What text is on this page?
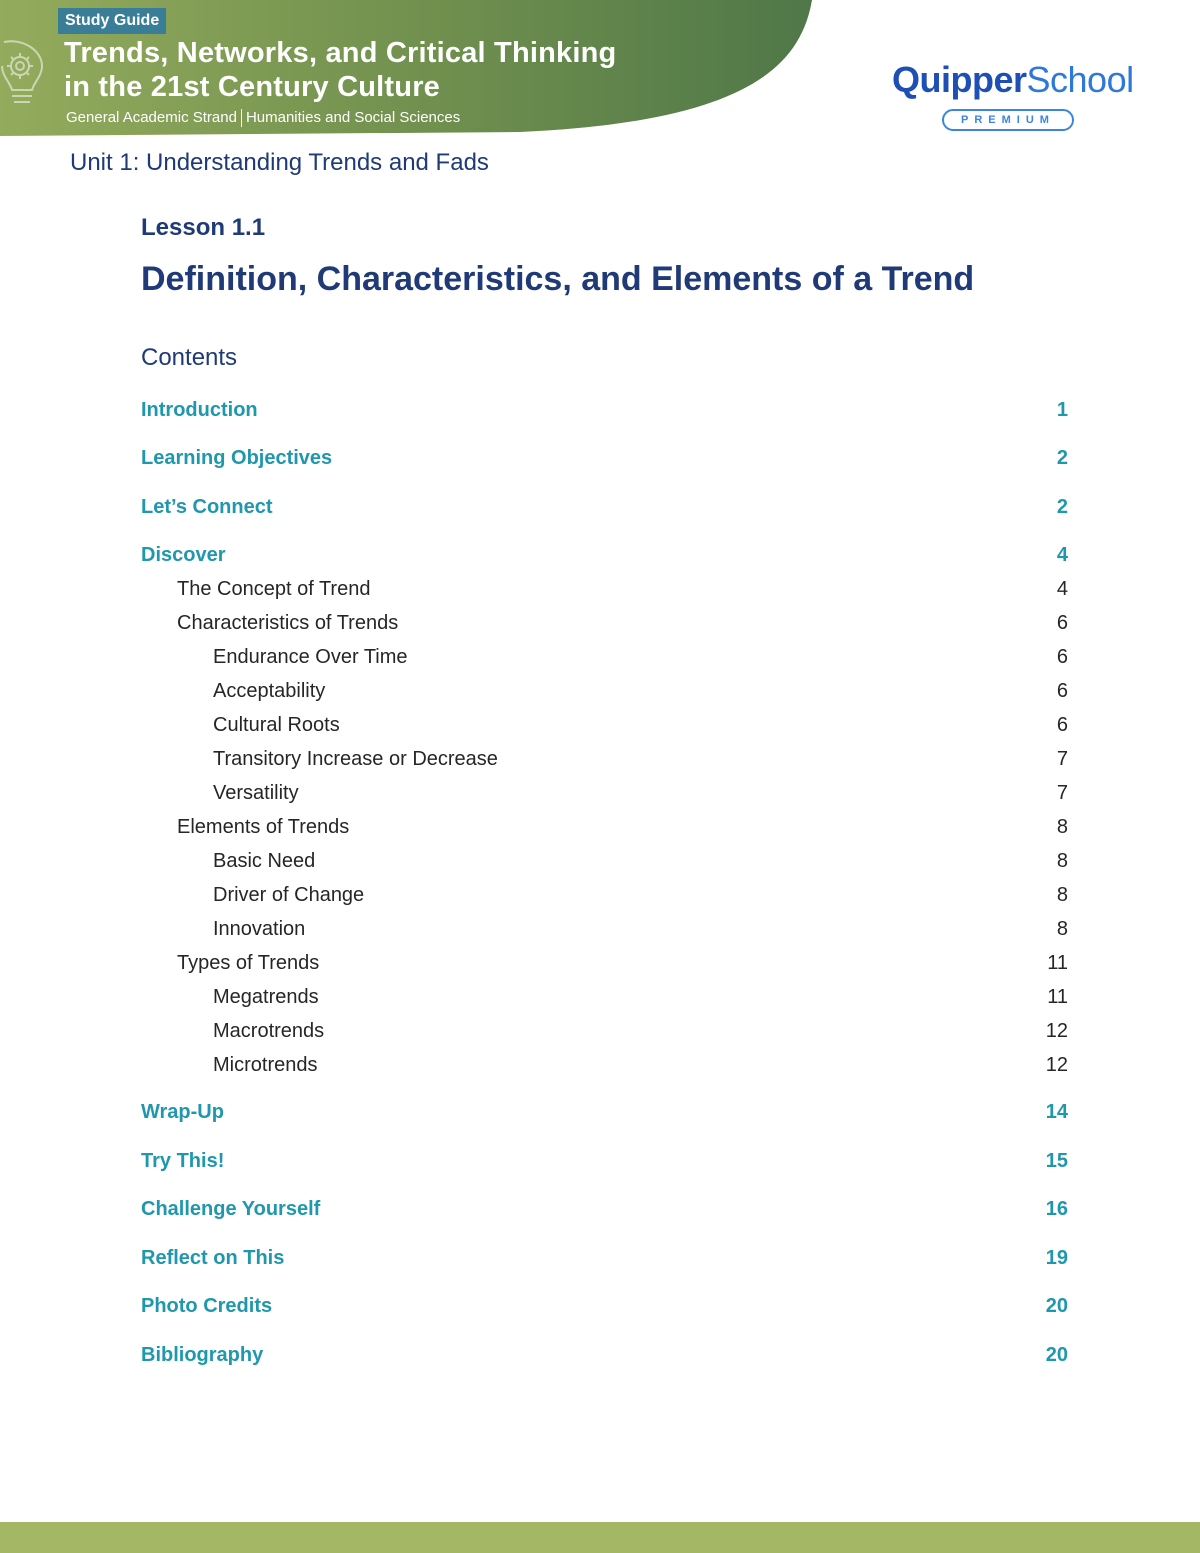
Study Guide
Trends, Networks, and Critical Thinking
in the 21st Century Culture
General Academic Strand Humanities and Social Sciences
QuipperSchool
PREMIUM
Unit 1: Understanding Trends and Fads
Lesson 1.1
Definition, Characteristics, and Elements of a Trend
Contents
Introduction	1
Learning Objectives	2
Let’s Connect	2
Discover	4
The Concept of Trend	4
Characteristics of Trends	6
Endurance Over Time	6
Acceptability	6
Cultural Roots	6
Transitory Increase or Decrease	7
Versatility	7
Elements of Trends	8
Basic Need	8
Driver of Change	8
Innovation	8
Types of Trends	11
Megatrends	11
Macrotrends	12
Microtrends	12
Wrap-Up	14
Try This!	15
Challenge Yourself	16
Reflect on This	19
Photo Credits	20
Bibliography	20
